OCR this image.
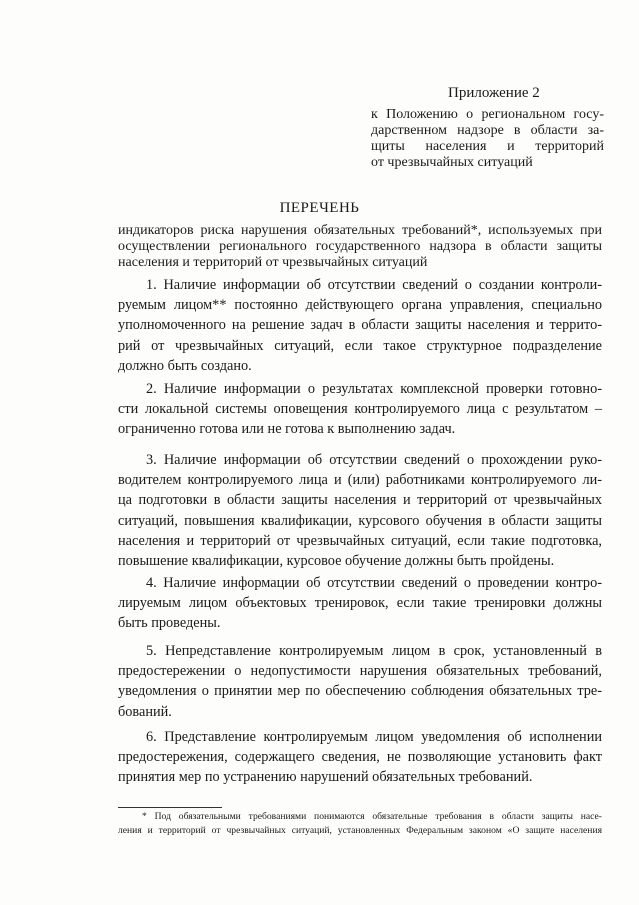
Приложение 2
к Положению о региональном госу-
дарственном надзоре в области за-
щиты населения и территорий
от чрезвычайных ситуаций
ПЕРЕЧЕНЬ
индикаторов риска нарушения обязательных требований*, используемых при
осуществлении регионального государственного надзора в области защиты
населения и территорий от чрезвычайных ситуаций
1. Наличие информации об отсутствии сведений о создании контроли-
руемым лицом** постоянно действующего органа управления, специально
уполномоченного на решение задач в области защиты населения и террито-
рий от чрезвычайных ситуаций, если такое структурное подразделение
должно быть создано.
2. Наличие информации о результатах комплексной проверки готовно-
сти локальной системы оповещения контролируемого лица с результатом –
ограниченно готова или не готова к выполнению задач.
3. Наличие информации об отсутствии сведений о прохождении руко-
водителем контролируемого лица и (или) работниками контролируемого ли-
ца подготовки в области защиты населения и территорий от чрезвычайных
ситуаций, повышения квалификации, курсового обучения в области защиты
населения и территорий от чрезвычайных ситуаций, если такие подготовка,
повышение квалификации, курсовое обучение должны быть пройдены.
4. Наличие информации об отсутствии сведений о проведении контро-
лируемым лицом объектовых тренировок, если такие тренировки должны
быть проведены.
5. Непредставление контролируемым лицом в срок, установленный в
предостережении о недопустимости нарушения обязательных требований,
уведомления о принятии мер по обеспечению соблюдения обязательных тре-
бований.
6. Представление контролируемым лицом уведомления об исполнении
предостережения, содержащего сведения, не позволяющие установить факт
принятия мер по устранению нарушений обязательных требований.
* Под обязательными требованиями понимаются обязательные требования в области защиты насе-
ления и территорий от чрезвычайных ситуаций, установленных Федеральным законом «О защите населения
